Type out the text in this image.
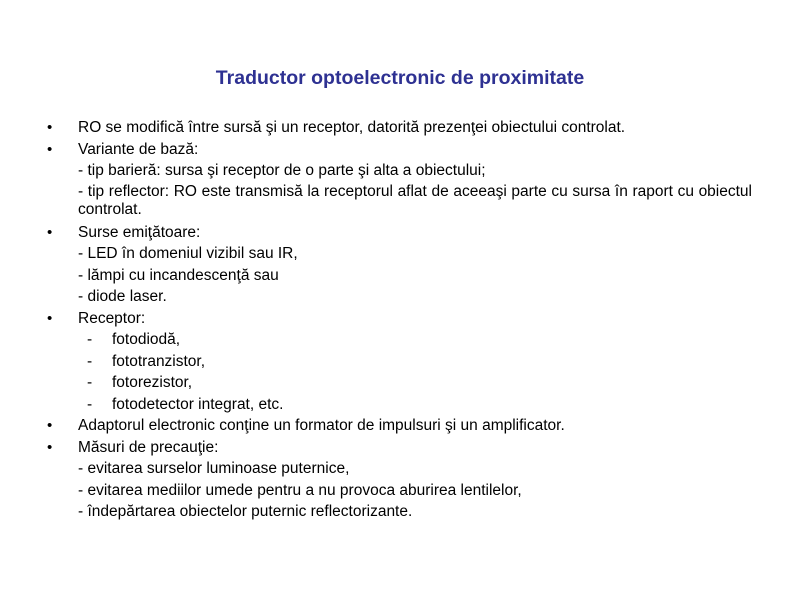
Traductor optoelectronic de proximitate
• RO se modifică între sursă şi un receptor, datorită prezenţei obiectului controlat.
• Variante de bază:
- tip barieră: sursa şi receptor de o parte şi alta a obiectului;
- tip reflector: RO este transmisă la receptorul aflat de aceeaşi parte cu sursa în raport cu obiectul controlat.
• Surse emiţătoare:
- LED în domeniul vizibil sau IR,
- lămpi cu incandescenţă sau
- diode laser.
• Receptor:
- fotodiodă,
- fototranzistor,
- fotorezistor,
- fotodetector integrat, etc.
• Adaptorul electronic conţine un formator de impulsuri şi un amplificator.
• Măsuri de precauţie:
- evitarea surselor luminoase puternice,
- evitarea mediilor umede pentru a nu provoca aburirea lentilelor,
- îndepărtarea obiectelor puternic reflectorizante.
